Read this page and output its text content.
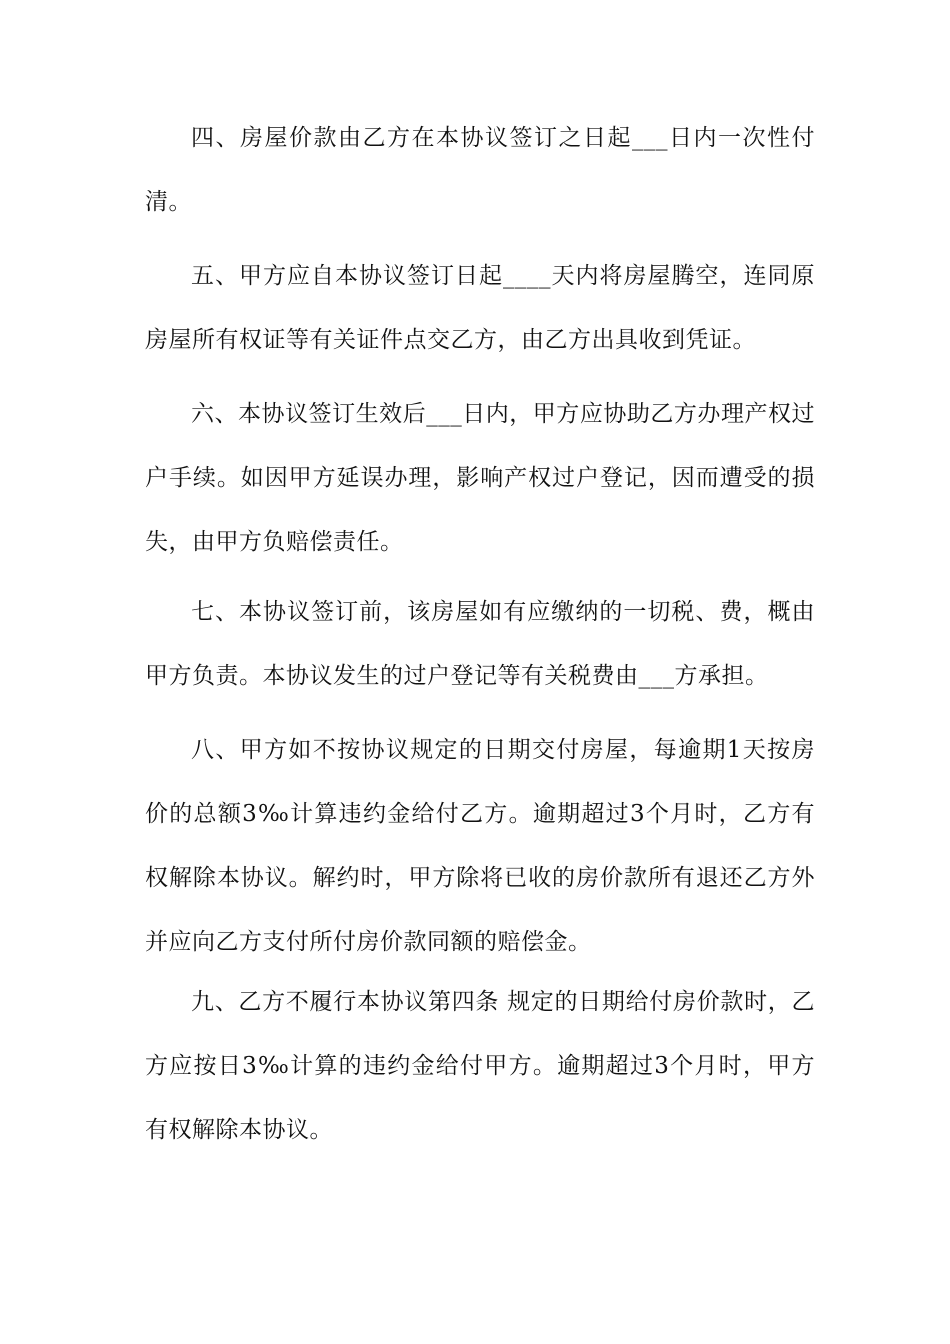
四、房屋价款由乙方在本协议签订之日起___日内一次性付清。

五、甲方应自本协议签订日起____天内将房屋腾空，连同原房屋所有权证等有关证件点交乙方，由乙方出具收到凭证。

六、本协议签订生效后___日内，甲方应协助乙方办理产权过户手续。如因甲方延误办理，影响产权过户登记，因而遭受的损失，由甲方负赔偿责任。

七、本协议签订前，该房屋如有应缴纳的一切税、费，概由甲方负责。本协议发生的过户登记等有关税费由___方承担。

八、甲方如不按协议规定的日期交付房屋，每逾期1天按房价的总额3‰计算违约金给付乙方。逾期超过3个月时，乙方有权解除本协议。解约时，甲方除将已收的房价款所有退还乙方外并应向乙方支付所付房价款同额的赔偿金。

九、乙方不履行本协议第四条 规定的日期给付房价款时，乙方应按日3‰计算的违约金给付甲方。逾期超过3个月时，甲方有权解除本协议。
